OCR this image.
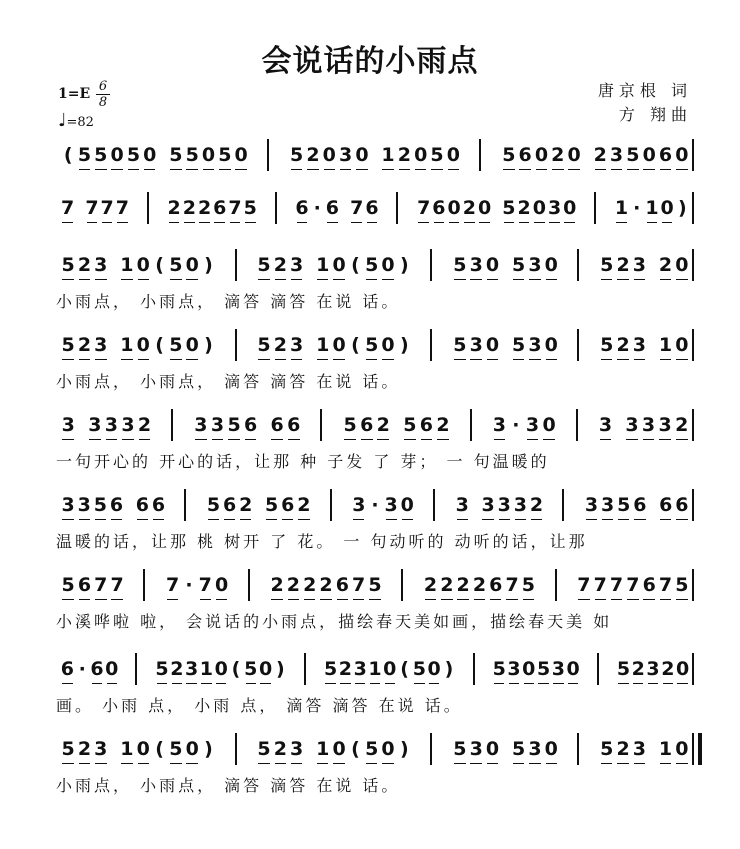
会说话的小雨点
1=E 6
8
♩=82
唐京根 词
方 翔曲
( 5 5 0 5 0 5 5 0 5 0 5 2 0 3 0 1 2 0 5 0 5 6 0 2 0 2 3 5 0 6 0
7 7 7 7 2 2 2 6 7 5 6 · 6 7 6 7 6 0 2 0 5 2 0 3 0 1 · 1 0 )
5 2 3 1 0 ( 5 0 ) 5 2 3 1 0 ( 5 0 ) 5 3 0 5 3 0 5 2 3 2 0
小雨点， 小雨点， 滴答 滴答 在说 话。
5 2 3 1 0 ( 5 0 ) 5 2 3 1 0 ( 5 0 ) 5 3 0 5 3 0 5 2 3 1 0
小雨点， 小雨点， 滴答 滴答 在说 话。
3 3 3 3 2 3 3 5 6 6 6 5 6 2 5 6 2 3 · 3 0 3 3 3 3 2
一句开心的 开心的话，让那 种 子发 了 芽； 一 句温暖的
3 3 5 6 6 6 5 6 2 5 6 2 3 · 3 0 3 3 3 3 2 3 3 5 6 6 6
温暖的话，让那 桃 树开 了 花。 一 句动听的 动听的话，让那
5 6 7 7 7 · 7 0 2 2 2 2 6 7 5 2 2 2 2 6 7 5 7 7 7 7 6 7 5
小溪哗啦 啦， 会说话的小雨点，描绘春天美如画，描绘春天美 如
6 · 6 0 5 2 3 1 0 ( 5 0 ) 5 2 3 1 0 ( 5 0 ) 5 3 0 5 3 0 5 2 3 2 0
画。 小雨 点， 小雨 点， 滴答 滴答 在说 话。
5 2 3 1 0 ( 5 0 ) 5 2 3 1 0 ( 5 0 ) 5 3 0 5 3 0 5 2 3 1 0
小雨点， 小雨点， 滴答 滴答 在说 话。
